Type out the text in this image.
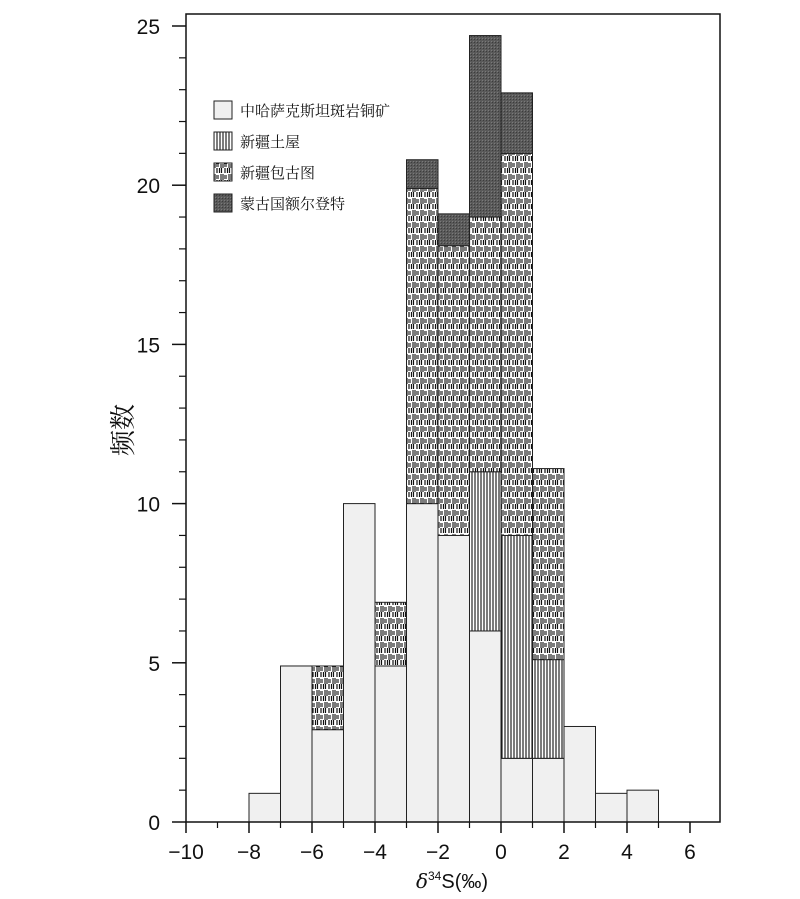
−10 −8 −6 −4 −2 0 2 4 6
0
5
10
15
20
25
$\delta^{34}S(‰)$
频数
中哈萨克斯坦斑岩铜矿
新疆土屋
新疆包古图
蒙古国额尔登特
